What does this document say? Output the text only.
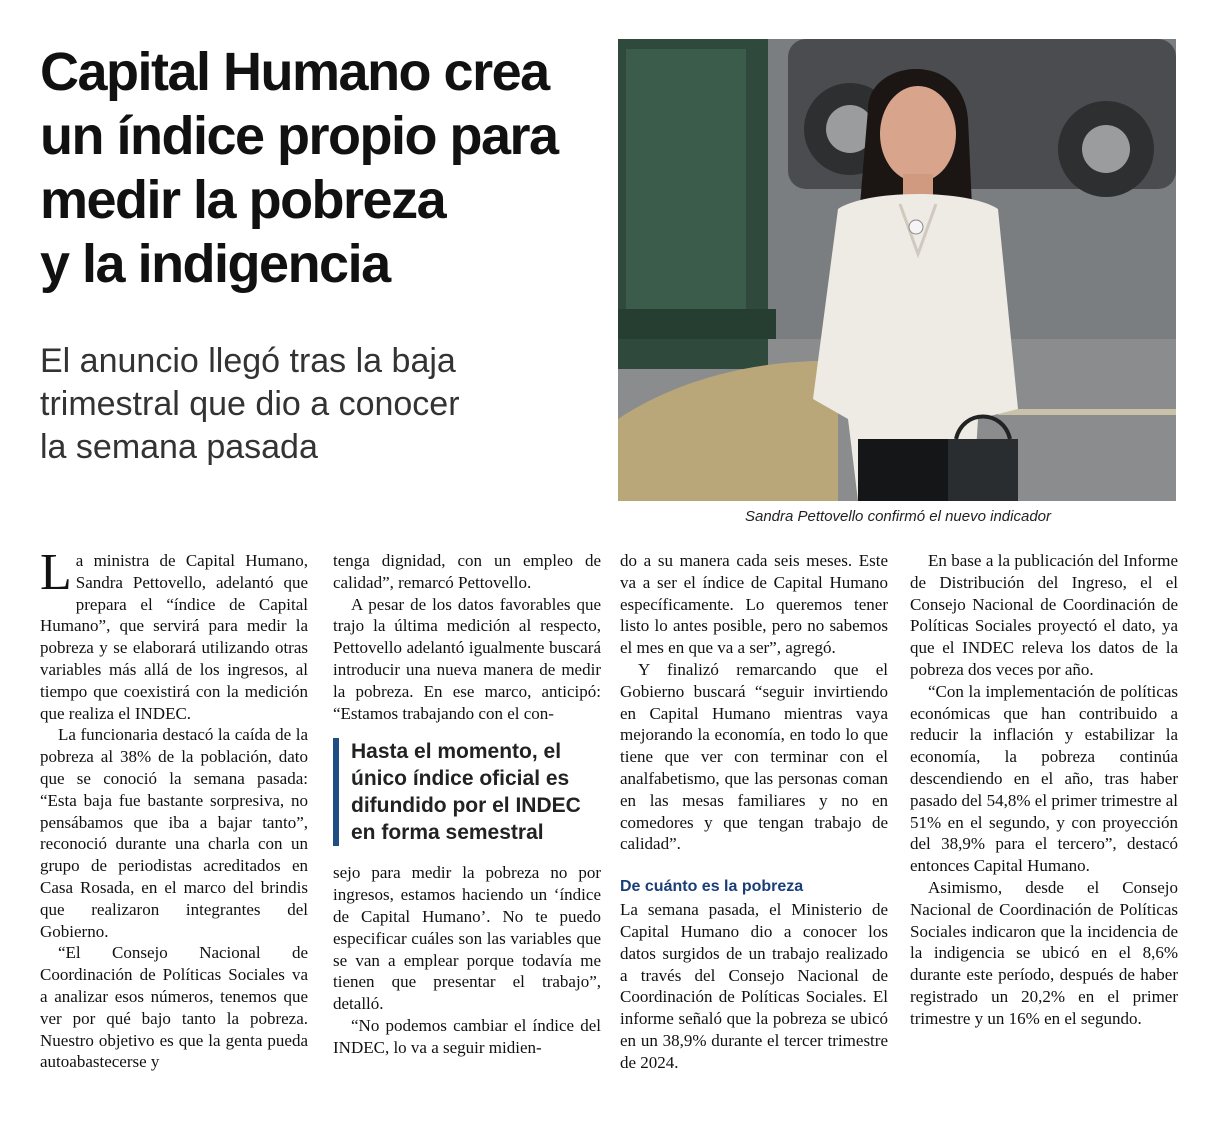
Capital Humano crea
un índice propio para
medir la pobreza
y la indigencia
El anuncio llegó tras la baja
trimestral que dio a conocer
la semana pasada
Sandra Pettovello confirmó el nuevo indicador

La ministra de Capital Humano, Sandra Pettovello, adelantó que prepara el “índice de Capital Humano”, que servirá para medir la pobreza y se elaborará utilizando otras variables más allá de los ingresos, al tiempo que coexistirá con la medición que realiza el INDEC.

La funcionaria destacó la caída de la pobreza al 38% de la población, dato que se conoció la semana pasada: “Esta baja fue bastante sorpresiva, no pensábamos que iba a bajar tanto”, reconoció durante una charla con un grupo de periodistas acreditados en Casa Rosada, en el marco del brindis que realizaron integrantes del Gobierno.

“El Consejo Nacional de Coordinación de Políticas Sociales va a analizar esos números, tenemos que ver por qué bajo tanto la pobreza. Nuestro objetivo es que la genta pueda autoabastecerse y

tenga dignidad, con un empleo de calidad”, remarcó Pettovello.

A pesar de los datos favorables que trajo la última medición al respecto, Pettovello adelantó igualmente buscará introducir una nueva manera de medir la pobreza. En ese marco, anticipó: “Estamos trabajando con el con-

Hasta el momento, el único índice oficial es difundido por el INDEC en forma semestral

sejo para medir la pobreza no por ingresos, estamos haciendo un ‘índice de Capital Humano’. No te puedo especificar cuáles son las variables que se van a emplear porque todavía me tienen que presentar el trabajo”, detalló.

“No podemos cambiar el índice del INDEC, lo va a seguir midien-

do a su manera cada seis meses. Este va a ser el índice de Capital Humano específicamente. Lo queremos tener listo lo antes posible, pero no sabemos el mes en que va a ser”, agregó.

Y finalizó remarcando que el Gobierno buscará “seguir invirtiendo en Capital Humano mientras vaya mejorando la economía, en todo lo que tiene que ver con terminar con el analfabetismo, que las personas coman en las mesas familiares y no en comedores y que tengan trabajo de calidad”.

De cuánto es la pobreza

La semana pasada, el Ministerio de Capital Humano dio a conocer los datos surgidos de un trabajo realizado a través del Consejo Nacional de Coordinación de Políticas Sociales. El informe señaló que la pobreza se ubicó en un 38,9% durante el tercer trimestre de 2024.

En base a la publicación del Informe de Distribución del Ingreso, el el Consejo Nacional de Coordinación de Políticas Sociales proyectó el dato, ya que el INDEC releva los datos de la pobreza dos veces por año.

“Con la implementación de políticas económicas que han contribuido a reducir la inflación y estabilizar la economía, la pobreza continúa descendiendo en el año, tras haber pasado del 54,8% el primer trimestre al 51% en el segundo, y con proyección del 38,9% para el tercero”, destacó entonces Capital Humano.

Asimismo, desde el Consejo Nacional de Coordinación de Políticas Sociales indicaron que la incidencia de la indigencia se ubicó en el 8,6% durante este período, después de haber registrado un 20,2% en el primer trimestre y un 16% en el segundo.
